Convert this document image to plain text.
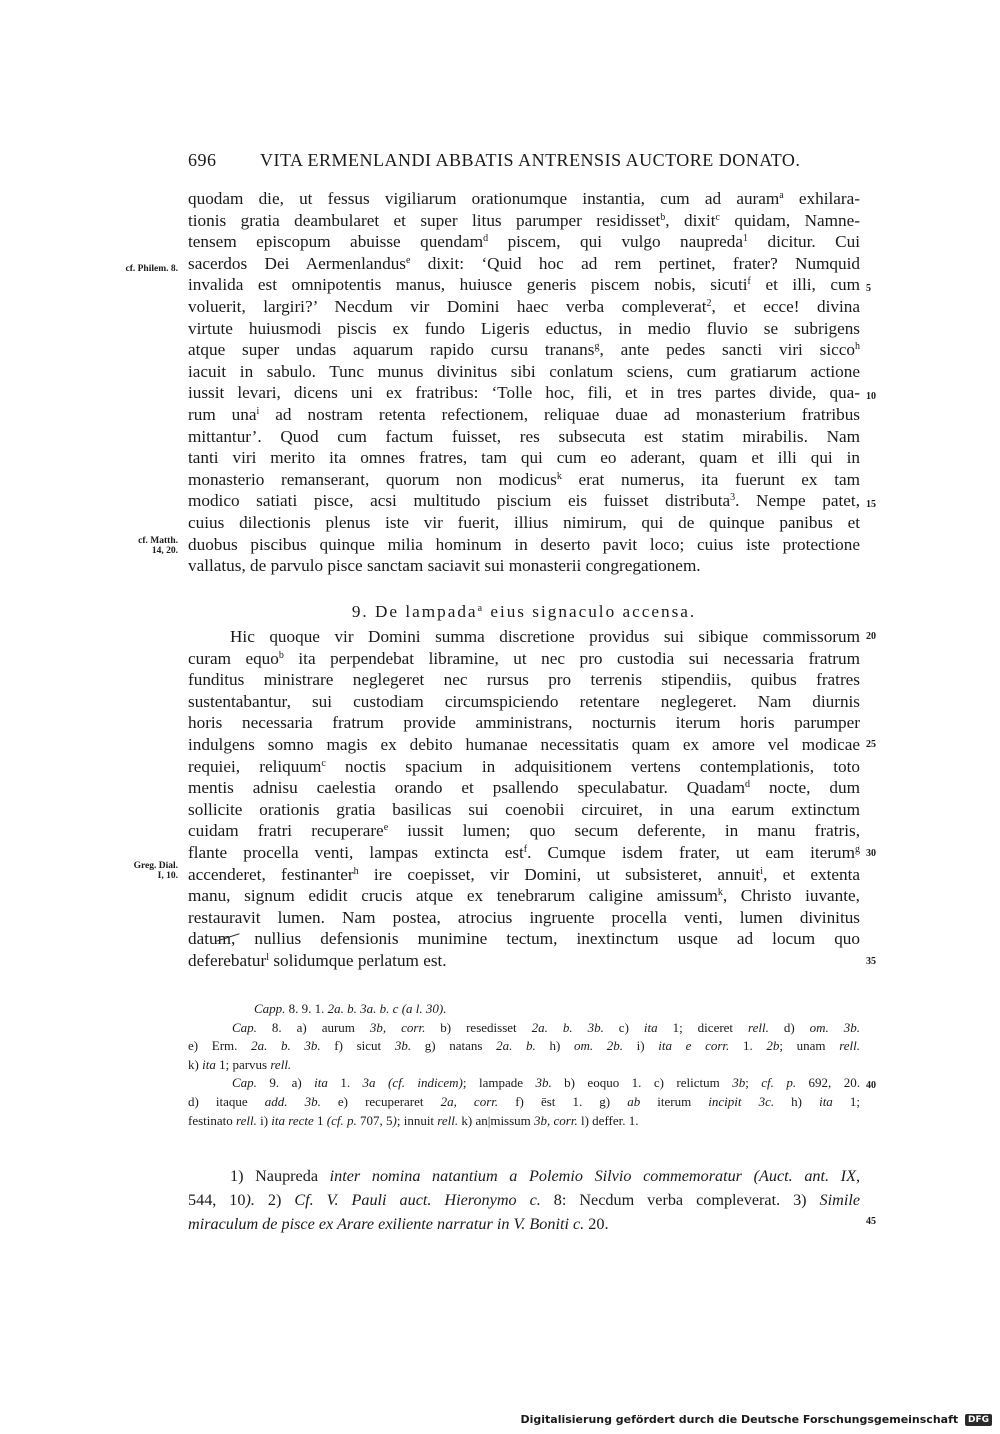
696 VITA ERMENLANDI ABBATIS ANTRENSIS AUCTORE DONATO.
quodam die, ut fessus vigiliarum orationumque instantia, cum ad auram$^a$ exhilara-
tionis gratia deambularet et super litus parumper residisset$^b$, dixit$^c$ quidam, Namne-
tensem episcopum abuisse quendam$^d$ piscem, qui vulgo naupreda$^1$ dicitur. Cui
sacerdos Dei Aermenlandus$^e$ dixit: ‘Quid hoc ad rem pertinet, frater? Numquid
invalida est omnipotentis manus, huiusce generis piscem nobis, sicuti$^f$ et illi, cum
voluerit, largiri?’ Necdum vir Domini haec verba compleverat$^2$, et ecce! divina
virtute huiusmodi piscis ex fundo Ligeris eductus, in medio fluvio se subrigens
atque super undas aquarum rapido cursu tranans$^g$, ante pedes sancti viri sicco$^h$
iacuit in sabulo. Tunc munus divinitus sibi conlatum sciens, cum gratiarum actione
iussit levari, dicens uni ex fratribus: ‘Tolle hoc, fili, et in tres partes divide, qua-
rum una$^i$ ad nostram retenta refectionem, reliquae duae ad monasterium fratribus
mittantur’. Quod cum factum fuisset, res subsecuta est statim mirabilis. Nam
tanti viri merito ita omnes fratres, tam qui cum eo aderant, quam et illi qui in
monasterio remanserant, quorum non modicus$^k$ erat numerus, ita fuerunt ex tam
modico satiati pisce, acsi multitudo piscium eis fuisset distributa$^3$. Nempe patet,
cuius dilectionis plenus iste vir fuerit, illius nimirum, qui de quinque panibus et
duobus piscibus quinque milia hominum in deserto pavit loco; cuius iste protectione
vallatus, de parvulo pisce sanctam saciavit sui monasterii congregationem.
9. De lampada$^a$ eius signaculo accensa.
Hic quoque vir Domini summa discretione providus sui sibique commissorum
curam equo$^b$ ita perpendebat libramine, ut nec pro custodia sui necessaria fratrum
funditus ministrare neglegeret nec rursus pro terrenis stipendiis, quibus fratres
sustentabantur, sui custodiam circumspiciendo retentare neglegeret. Nam diurnis
horis necessaria fratrum provide amministrans, nocturnis iterum horis parumper
indulgens somno magis ex debito humanae necessitatis quam ex amore vel modicae
requiei, reliquum$^c$ noctis spacium in adquisitionem vertens contemplationis, toto
mentis adnisu caelestia orando et psallendo speculabatur. Quadam$^d$ nocte, dum
sollicite orationis gratia basilicas sui coenobii circuiret, in una earum extinctum
cuidam fratri recuperare$^e$ iussit lumen; quo secum deferente, in manu fratris,
flante procella venti, lampas extincta est$^f$. Cumque isdem frater, ut eam iterum$^g$
accenderet, festinanter$^h$ ire coepisset, vir Domini, ut subsisteret, annuit$^i$, et extenta
manu, signum edidit crucis atque ex tenebrarum caligine amissum$^k$, Christo iuvante,
restauravit lumen. Nam postea, atrocius ingruente procella venti, lumen divinitus
datum, nullius defensionis munimine tectum, inextinctum usque ad locum quo
deferebatur$^l$ solidumque perlatum est.
cf. Philem. 8.
cf. Matth.
14, 20.
Greg. Dial.
I, 10.
5
10
15
20
25
30
35
40
45
Capp. 8. 9. 1. 2a. b. 3a. b. c (a l. 30).
Cap. 8. a) aurum 3b, corr. b) resedisset 2a. b. 3b. c) ita 1; diceret rell. d) om. 3b.
e) Erm. 2a. b. 3b. f) sicut 3b. g) natans 2a. b. h) om. 2b. i) ita e corr. 1. 2b; unam rell.
k) ita 1; parvus rell.
Cap. 9. a) ita 1. 3a (cf. indicem); lampade 3b. b) eoquo 1. c) relictum 3b; cf. p. 692, 20.
d) itaque add. 3b. e) recuperaret 2a, corr. f) ēst 1. g) ab iterum incipit 3c. h) ita 1;
festinato rell. i) ita recte 1 (cf. p. 707, 5); innuit rell. k) an|missum 3b, corr. l) deffer. 1.
1) Naupreda inter nomina natantium a Polemio Silvio commemoratur (Auct. ant. IX,
544, 10). 2) Cf. V. Pauli auct. Hieronymo c. 8: Necdum verba compleverat. 3) Simile
miraculum de pisce ex Arare exiliente narratur in V. Boniti c. 20.
Digitalisierung gefördert durch die Deutsche Forschungsgemeinschaft DFG
